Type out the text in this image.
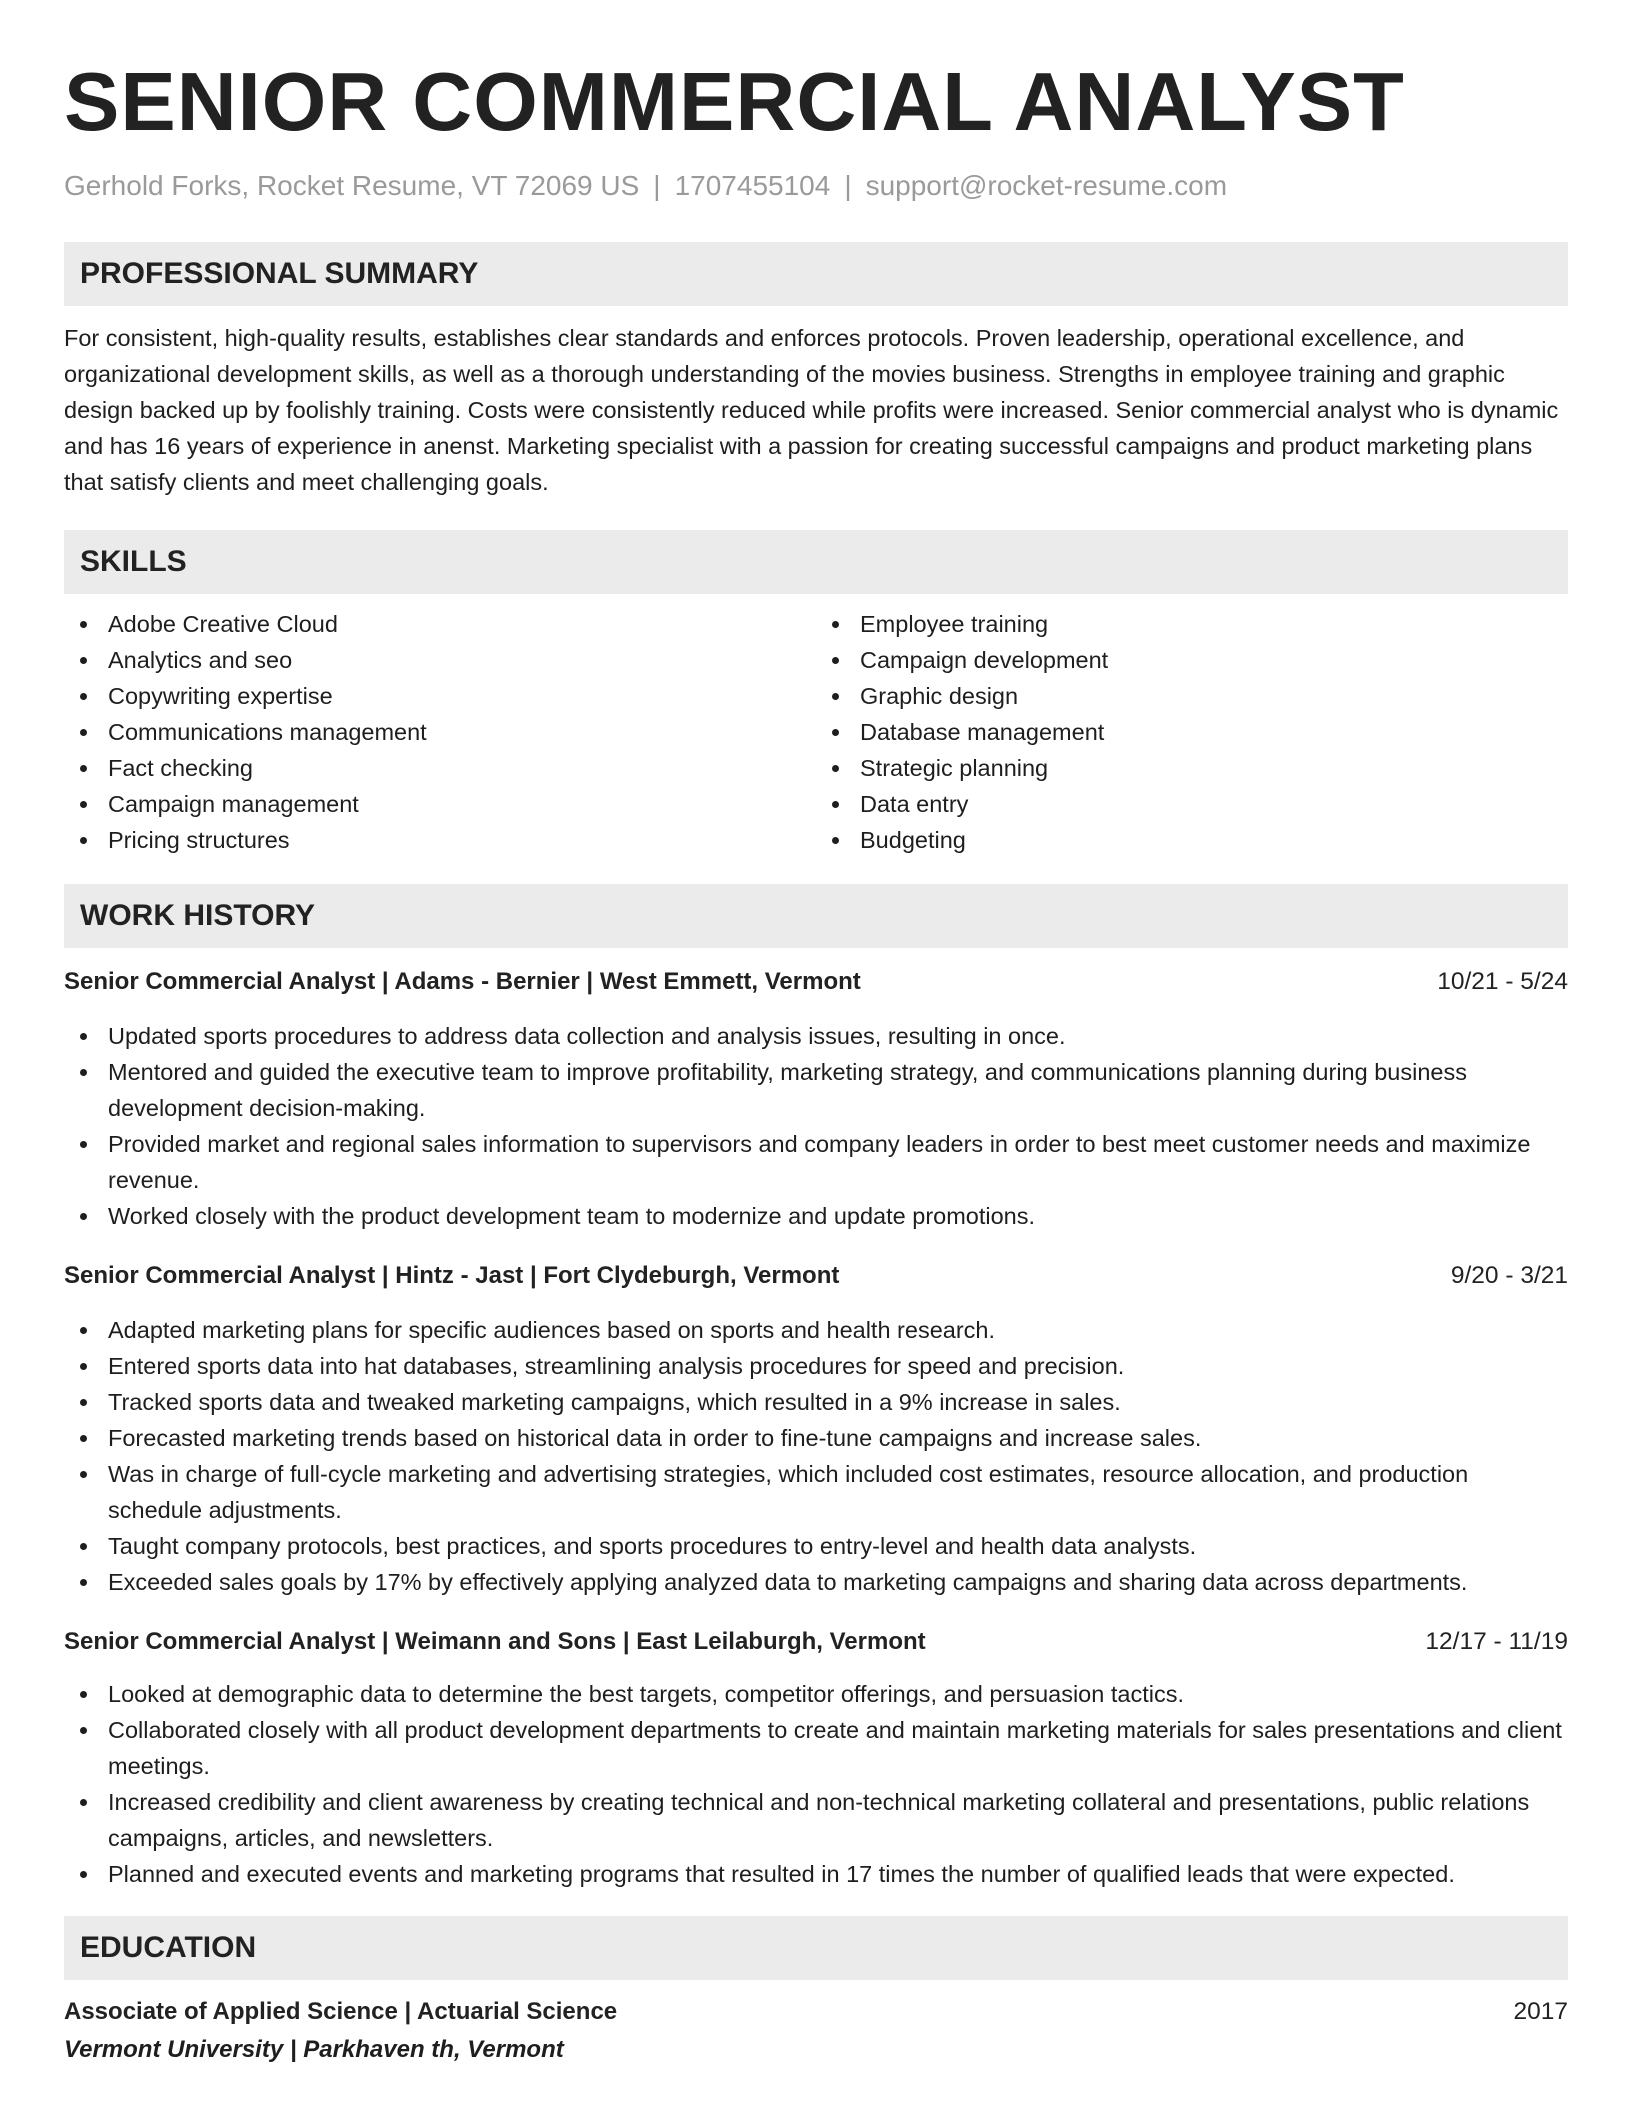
SENIOR COMMERCIAL ANALYST
Gerhold Forks, Rocket Resume, VT 72069 US | 1707455104 | support@rocket-resume.com
PROFESSIONAL SUMMARY

For consistent, high-quality results, establishes clear standards and enforces protocols. Proven leadership, operational excellence, and organizational development skills, as well as a thorough understanding of the movies business. Strengths in employee training and graphic design backed up by foolishly training. Costs were consistently reduced while profits were increased. Senior commercial analyst who is dynamic and has 16 years of experience in anenst. Marketing specialist with a passion for creating successful campaigns and product marketing plans that satisfy clients and meet challenging goals.

SKILLS
Adobe Creative Cloud
Analytics and seo
Copywriting expertise
Communications management
Fact checking
Campaign management
Pricing structures
Employee training
Campaign development
Graphic design
Database management
Strategic planning
Data entry
Budgeting
WORK HISTORY
Senior Commercial Analyst | Adams - Bernier | West Emmett, Vermont	10/21 - 5/24
Updated sports procedures to address data collection and analysis issues, resulting in once.
Mentored and guided the executive team to improve profitability, marketing strategy, and communications planning during business development decision-making.
Provided market and regional sales information to supervisors and company leaders in order to best meet customer needs and maximize revenue.
Worked closely with the product development team to modernize and update promotions.
Senior Commercial Analyst | Hintz - Jast | Fort Clydeburgh, Vermont	9/20 - 3/21
Adapted marketing plans for specific audiences based on sports and health research.
Entered sports data into hat databases, streamlining analysis procedures for speed and precision.
Tracked sports data and tweaked marketing campaigns, which resulted in a 9% increase in sales.
Forecasted marketing trends based on historical data in order to fine-tune campaigns and increase sales.
Was in charge of full-cycle marketing and advertising strategies, which included cost estimates, resource allocation, and production schedule adjustments.
Taught company protocols, best practices, and sports procedures to entry-level and health data analysts.
Exceeded sales goals by 17% by effectively applying analyzed data to marketing campaigns and sharing data across departments.
Senior Commercial Analyst | Weimann and Sons | East Leilaburgh, Vermont	12/17 - 11/19
Looked at demographic data to determine the best targets, competitor offerings, and persuasion tactics.
Collaborated closely with all product development departments to create and maintain marketing materials for sales presentations and client meetings.
Increased credibility and client awareness by creating technical and non-technical marketing collateral and presentations, public relations campaigns, articles, and newsletters.
Planned and executed events and marketing programs that resulted in 17 times the number of qualified leads that were expected.
EDUCATION
Associate of Applied Science | Actuarial Science	2017
Vermont University | Parkhaven th, Vermont
